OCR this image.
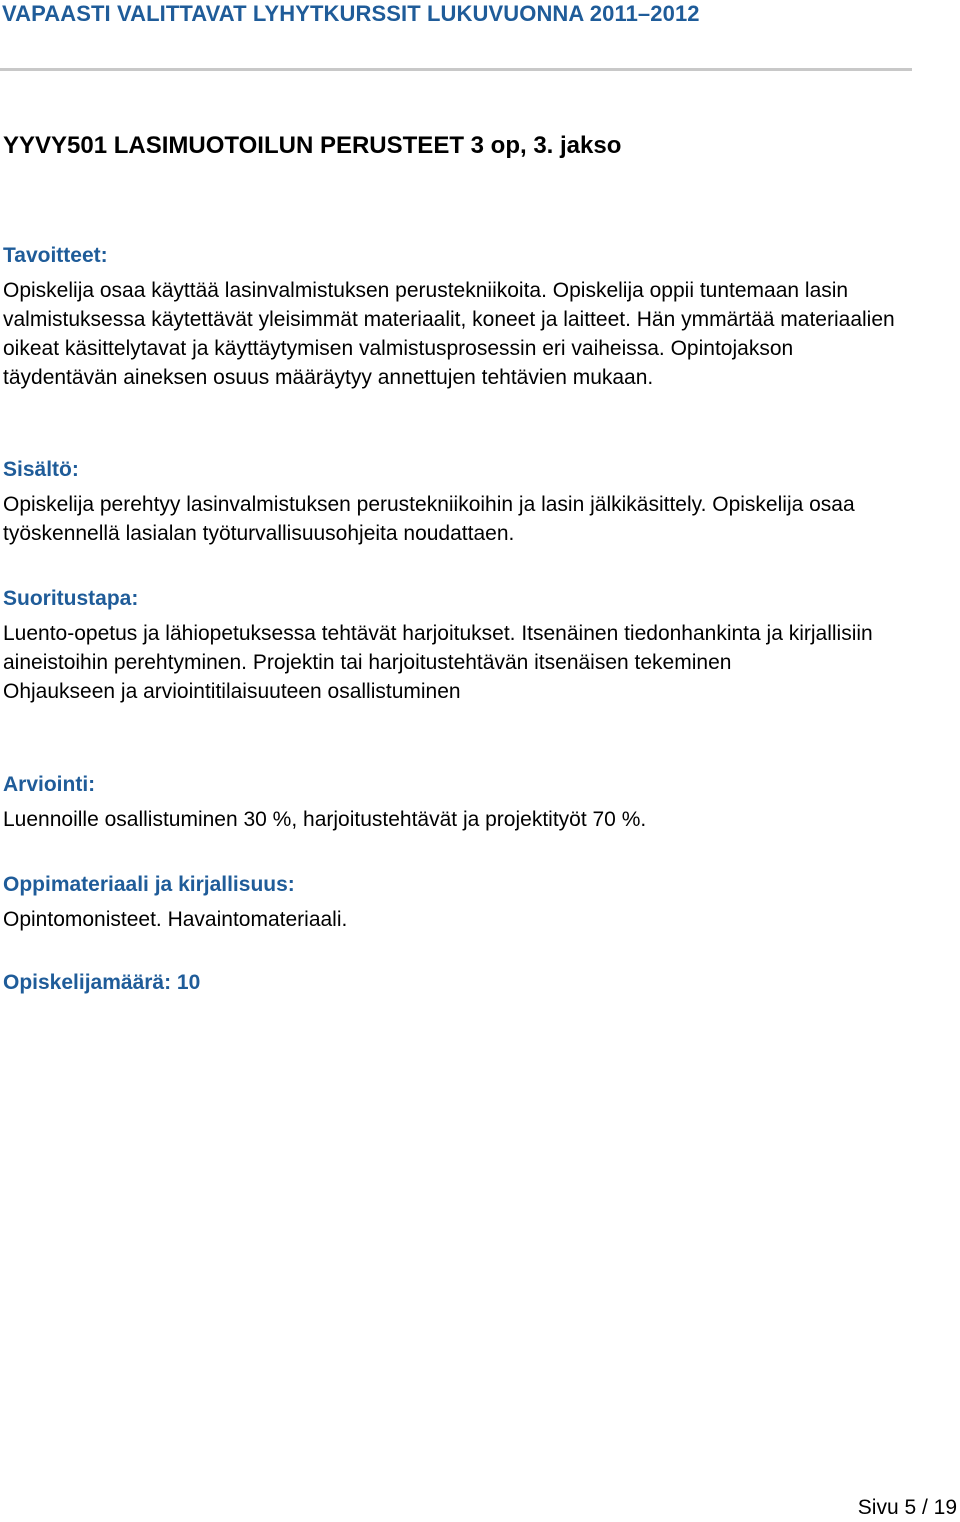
VAPAASTI VALITTAVAT LYHYTKURSSIT LUKUVUONNA 2011–2012
YYVY501 LASIMUOTOILUN PERUSTEET 3 op, 3. jakso

Tavoitteet:

Opiskelija osaa käyttää lasinvalmistuksen perustekniikoita. Opiskelija oppii tuntemaan lasin valmistuksessa käytettävät yleisimmät materiaalit, koneet ja laitteet. Hän ymmärtää materiaalien oikeat käsittelytavat ja käyttäytymisen valmistusprosessin eri vaiheissa. Opintojakson täydentävän aineksen osuus määräytyy annettujen tehtävien mukaan.

Sisältö:

Opiskelija perehtyy lasinvalmistuksen perustekniikoihin ja lasin jälkikäsittely. Opiskelija osaa työskennellä lasialan työturvallisuusohjeita noudattaen.

Suoritustapa:

Luento-opetus ja lähiopetuksessa tehtävät harjoitukset. Itsenäinen tiedonhankinta ja kirjallisiin aineistoihin perehtyminen. Projektin tai harjoitustehtävän itsenäisen tekeminen

Ohjaukseen ja arviointitilaisuuteen osallistuminen

Arviointi:

Luennoille osallistuminen 30 %, harjoitustehtävät ja projektityöt 70 %.

Oppimateriaali ja kirjallisuus:

Opintomonisteet. Havaintomateriaali.

Opiskelijamäärä: 10
Sivu 5 / 19
